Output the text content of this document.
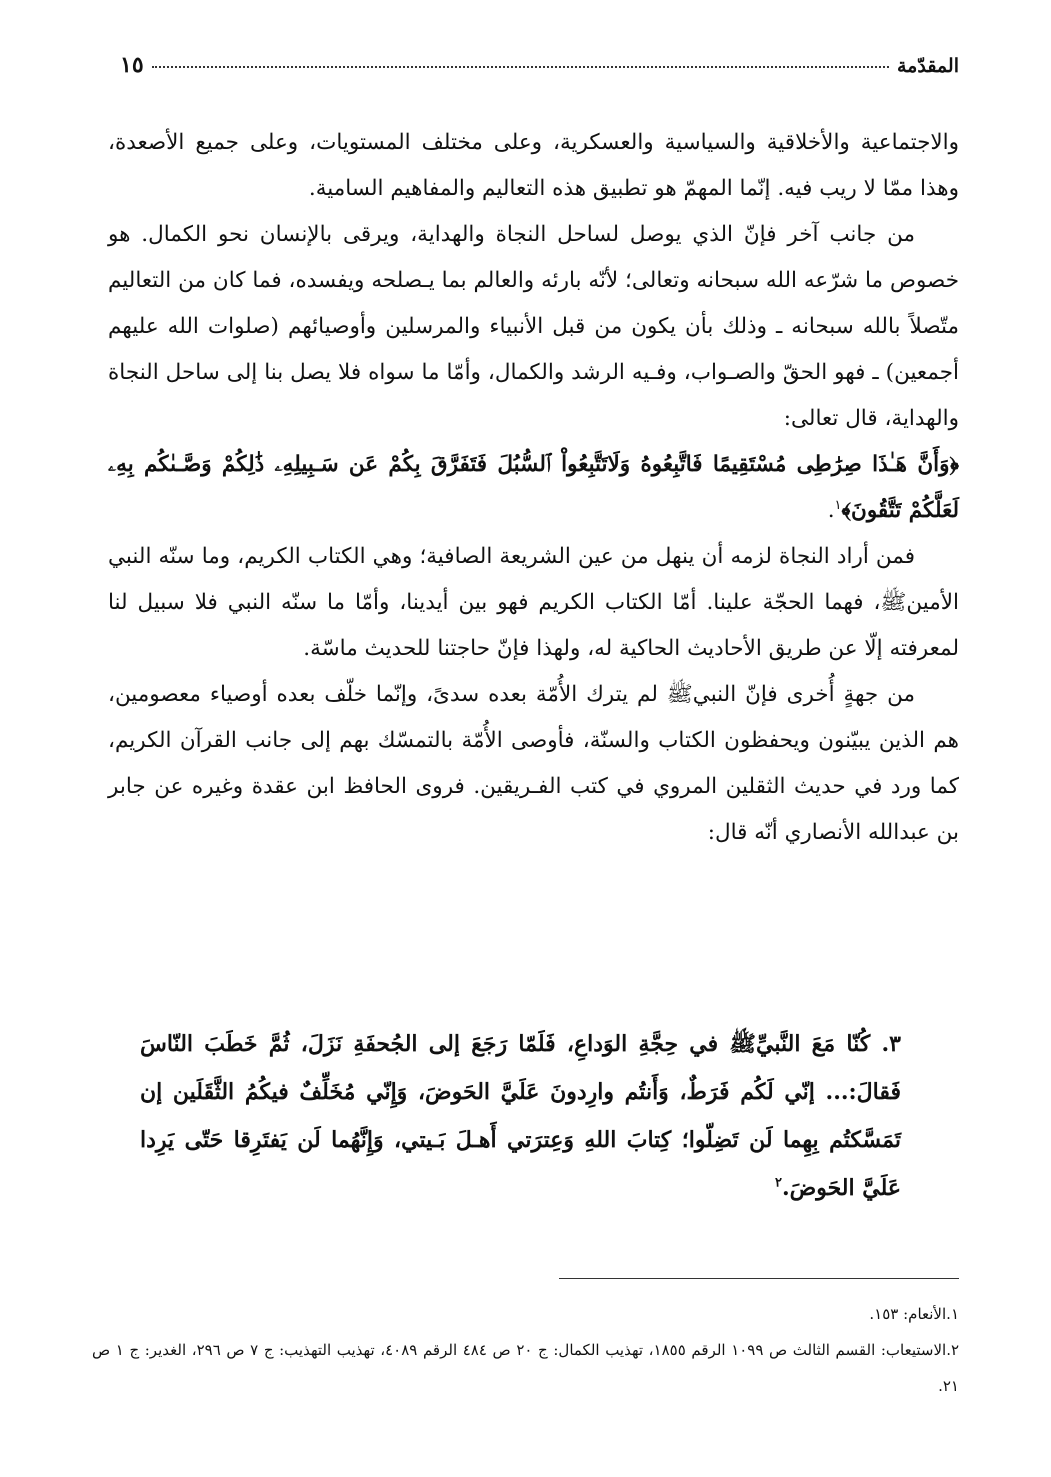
١٥	المقدّمة

والاجتماعية والأخلاقية والسياسية والعسكرية، وعلى مختلف المستويات، وعلى جميع الأصعدة، وهذا ممّا لا ريب فيه. إنّما المهمّ هو تطبيق هذه التعاليم والمفاهيم السامية.

من جانب آخر فإنّ الذي يوصل لساحل النجاة والهداية، ويرقى بالإنسان نحو الكمال. هو خصوص ما شرّعه الله سبحانه وتعالى؛ لأنّه بارئه والعالم بما يـصلحه ويفسده، فما كان من التعاليم متّصلاً بالله سبحانه ـ وذلك بأن يكون من قبل الأنبياء والمرسلين وأوصيائهم (صلوات الله عليهم أجمعين) ـ فهو الحقّ والصـواب، وفـيه الرشد والكمال، وأمّا ما سواه فلا يصل بنا إلى ساحل النجاة والهداية، قال تعالى:

﴿وَأَنَّ هَـٰذَا صِرَٰطِى مُسْتَقِيمًا فَاتَّبِعُوهُ وَلَاتَتَّبِعُواْ ٱلسُّبُلَ فَتَفَرَّقَ بِكُمْ عَن سَـبِيلِهِۦ ذَٰلِكُمْ وَصَّـىٰكُم بِهِۦ لَعَلَّكُمْ تَتَّقُونَ﴾$^١$.

فمن أراد النجاة لزمه أن ينهل من عين الشريعة الصافية؛ وهي الكتاب الكريم، وما سنّه النبي الأمينﷺ، فهما الحجّة علينا. أمّا الكتاب الكريم فهو بين أيدينا، وأمّا ما سنّه النبي فلا سبيل لنا لمعرفته إلّا عن طريق الأحاديث الحاكية له، ولهذا فإنّ حاجتنا للحديث ماسّة.

من جهةٍ أُخرى فإنّ النبيﷺ لم يترك الأُمّة بعده سدىً، وإنّما خلّف بعده أوصياء معصومين، هم الذين يبيّنون ويحفظون الكتاب والسنّة، فأوصى الأُمّة بالتمسّك بهم إلى جانب القرآن الكريم، كما ورد في حديث الثقلين المروي في كتب الفـريقين. فروى الحافظ ابن عقدة وغيره عن جابر بن عبدالله الأنصاري أنّه قال:

٣. كُنّا مَعَ النَّبيِّﷺ في حِجَّةِ الوَداعِ، فَلَمّا رَجَعَ إلى الجُحفَةِ نَزَلَ، ثُمَّ خَطَبَ النّاسَ فَقالَ:... إنّي لَكُم فَرَطٌ، وَأَنتُم وارِدونَ عَلَيَّ الحَوضَ، وَإِنّي مُخَلِّفٌ فيكُمُ الثَّقَلَين إن تَمَسَّكتُم بِهِما لَن تَضِلّوا؛ كِتابَ اللهِ وَعِترَتي أَهـلَ بَـيتي، وَإِنَّهُما لَن يَفتَرِقا حَتّى يَرِدا عَلَيَّ الحَوضَ.$^٢$

١.الأنعام: ١٥٣.

٢.الاستيعاب: القسم الثالث ص ١٠٩٩ الرقم ١٨٥٥، تهذيب الكمال: ج ٢٠ ص ٤٨٤ الرقم ٤٠٨٩، تهذيب التهذيب: ج ٧ ص ٢٩٦، الغدير: ج ١ ص ٢١.
